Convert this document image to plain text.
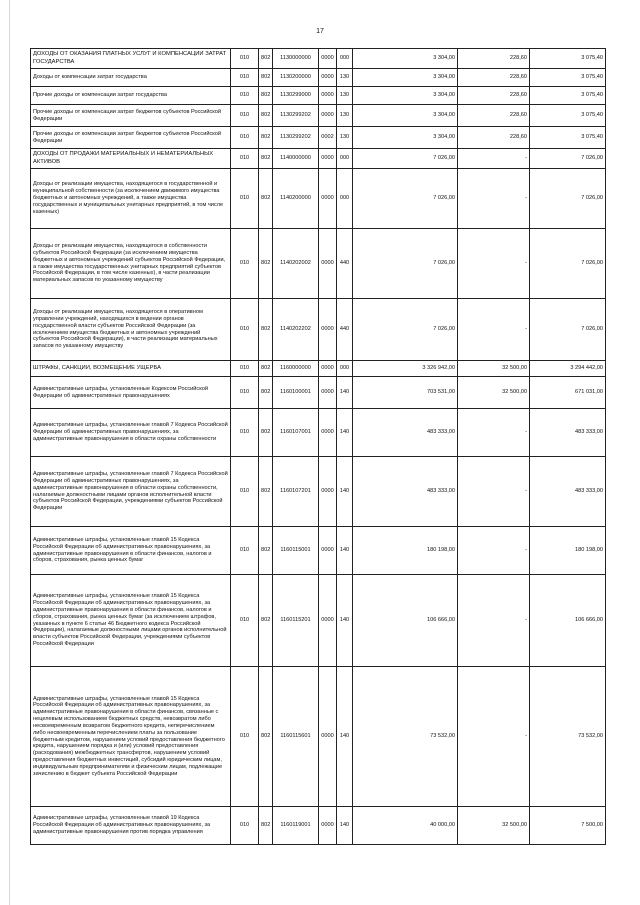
17
ДОХОДЫ ОТ ОКАЗАНИЯ ПЛАТНЫХ УСЛУГ И КОМПЕНСАЦИИ ЗАТРАТ ГОСУДАРСТВА	010	802	1130000000	0000	000	3 304,00	228,60	3 075,40
Доходы от компенсации затрат государства	010	802	1130200000	0000	130	3 304,00	228,60	3 075,40
Прочие доходы от компенсации затрат государства	010	802	1130299000	0000	130	3 304,00	228,60	3 075,40
Прочие доходы от компенсации затрат бюджетов субъектов Российской Федерации	010	802	1130299202	0000	130	3 304,00	228,60	3 075,40
Прочие доходы от компенсации затрат бюджетов субъектов Российской Федерации	010	802	1130299202	0002	130	3 304,00	228,60	3 075,40
ДОХОДЫ ОТ ПРОДАЖИ МАТЕРИАЛЬНЫХ И НЕМАТЕРИАЛЬНЫХ АКТИВОВ	010	802	1140000000	0000	000	7 026,00	-	7 026,00
Доходы от реализации имущества, находящегося в государственной и муниципальной собственности (за исключением движимого имущества бюджетных и автономных учреждений, а также имущества государственных и муниципальных унитарных предприятий, в том числе казенных)	010	802	1140200000	0000	000	7 026,00	-	7 026,00
Доходы от реализации имущества, находящегося в собственности субъектов Российской Федерации (за исключением имущества бюджетных и автономных учреждений субъектов Российской Федерации, а также имущества государственных унитарных предприятий субъектов Российской Федерации, в том числе казенных), в части реализации материальных запасов по указанному имуществу	010	802	1140202002	0000	440	7 026,00	-	7 026,00
Доходы от реализации имущества, находящегося в оперативном управлении учреждений, находящихся в ведении органов государственной власти субъектов Российской Федерации (за исключением имущества бюджетных и автономных учреждений субъектов Российской Федерации), в части реализации материальных запасов по указанному имуществу	010	802	1140202202	0000	440	7 026,00	-	7 026,00
ШТРАФЫ, САНКЦИИ, ВОЗМЕЩЕНИЕ УЩЕРБА	010	802	1160000000	0000	000	3 326 942,00	32 500,00	3 294 442,00
Административные штрафы, установленные Кодексом Российской Федерации об административных правонарушениях	010	802	1160100001	0000	140	703 531,00	32 500,00	671 031,00
Административные штрафы, установленные главой 7 Кодекса Российской Федерации об административных правонарушениях, за административные правонарушения в области охраны собственности	010	802	1160107001	0000	140	483 333,00	-	483 333,00
Административные штрафы, установленные главой 7 Кодекса Российской Федерации об административных правонарушениях, за административные правонарушения в области охраны собственности, налагаемые должностными лицами органов исполнительной власти субъектов Российской Федерации, учреждениями субъектов Российской Федерации	010	802	1160107201	0000	140	483 333,00	-	483 333,00
Административные штрафы, установленные главой 15 Кодекса Российской Федерации об административных правонарушениях, за административные правонарушения в области финансов, налогов и сборов, страхования, рынка ценных бумаг	010	802	1160115001	0000	140	180 198,00	-	180 198,00
Административные штрафы, установленные главой 15 Кодекса Российской Федерации об административных правонарушениях, за административные правонарушения в области финансов, налогов и сборов, страхования, рынка ценных бумаг (за исключением штрафов, указанных в пункте 6 статьи 46 Бюджетного кодекса Российской Федерации), налагаемые должностными лицами органов исполнительной власти субъектов Российской Федерации, учреждениями субъектов Российской Федерации	010	802	1160115201	0000	140	106 666,00	-	106 666,00
Административные штрафы, установленные главой 15 Кодекса Российской Федерации об административных правонарушениях, за административные правонарушения в области финансов, связанные с нецелевым использованием бюджетных средств, невозвратом либо несвоевременным возвратом бюджетного кредита, неперечислением либо несвоевременным перечислением платы за пользование бюджетным кредитом, нарушением условий предоставления бюджетного кредита, нарушением порядка и (или) условий предоставления (расходования) межбюджетных трансфертов, нарушением условий предоставления бюджетных инвестиций, субсидий юридическим лицам, индивидуальным предпринимателям и физическим лицам, подлежащие зачислению в бюджет субъекта Российской Федерации	010	802	1160115601	0000	140	73 532,00	-	73 532,00
Административные штрафы, установленные главой 19 Кодекса Российской Федерации об административных правонарушениях, за административные правонарушения против порядка управления	010	802	1160119001	0000	140	40 000,00	32 500,00	7 500,00
